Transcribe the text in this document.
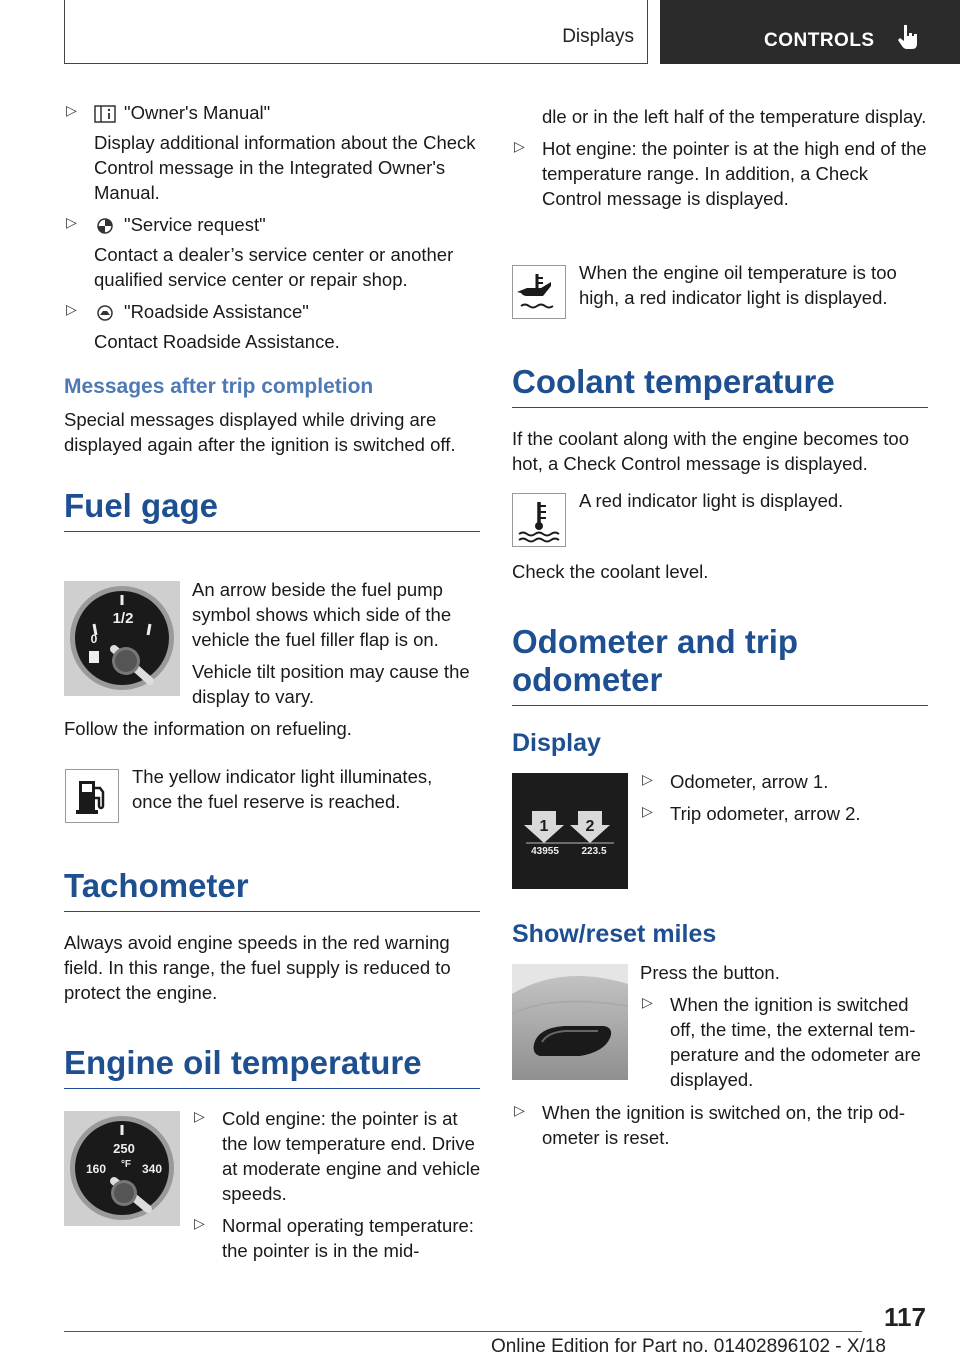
Displays	CONTROLS
▷	"Owner's Manual"

Display additional information about the Check Control message in the Integrated Owner's Manual.

▷	"Service request"

Contact a dealer’s service center or another qualified service center or repair shop.

▷	"Roadside Assistance"

Contact Roadside Assistance.

Messages after trip completion

Special messages displayed while driving are displayed again after the ignition is switched off.

Fuel gage
1/2
0

An arrow beside the fuel pump symbol shows which side of the vehicle the fuel filler flap is on.

Vehicle tilt position may cause the display to vary.

Follow the information on refueling.

The yellow indicator light illuminates, once the fuel reserve is reached.

Tachometer

Always avoid engine speeds in the red warning field. In this range, the fuel supply is reduced to protect the engine.

Engine oil temperature
250
°F
160	340
▷ Cold engine: the pointer is at the low temperature end. Drive at moderate engine and vehicle speeds.

▷ Normal operating temperature: the pointer is in the mid-

dle or in the left half of the temperature display.

▷ Hot engine: the pointer is at the high end of the temperature range. In addition, a Check Control message is displayed.

When the engine oil temperature is too high, a red indicator light is displayed.

Coolant temperature

If the coolant along with the engine becomes too hot, a Check Control message is displayed.

A red indicator light is displayed.

Check the coolant level.

Odometer and trip
odometer
Display
1 2
43955 223.5
▷ Odometer, arrow 1.

▷ Trip odometer, arrow 2.

Show/reset miles

Press the button.

▷ When the ignition is switched off, the time, the external temperature and the odometer are displayed.

▷ When the ignition is switched on, the trip odometer is reset.

117
Online Edition for Part no. 01402896102 - X/18
